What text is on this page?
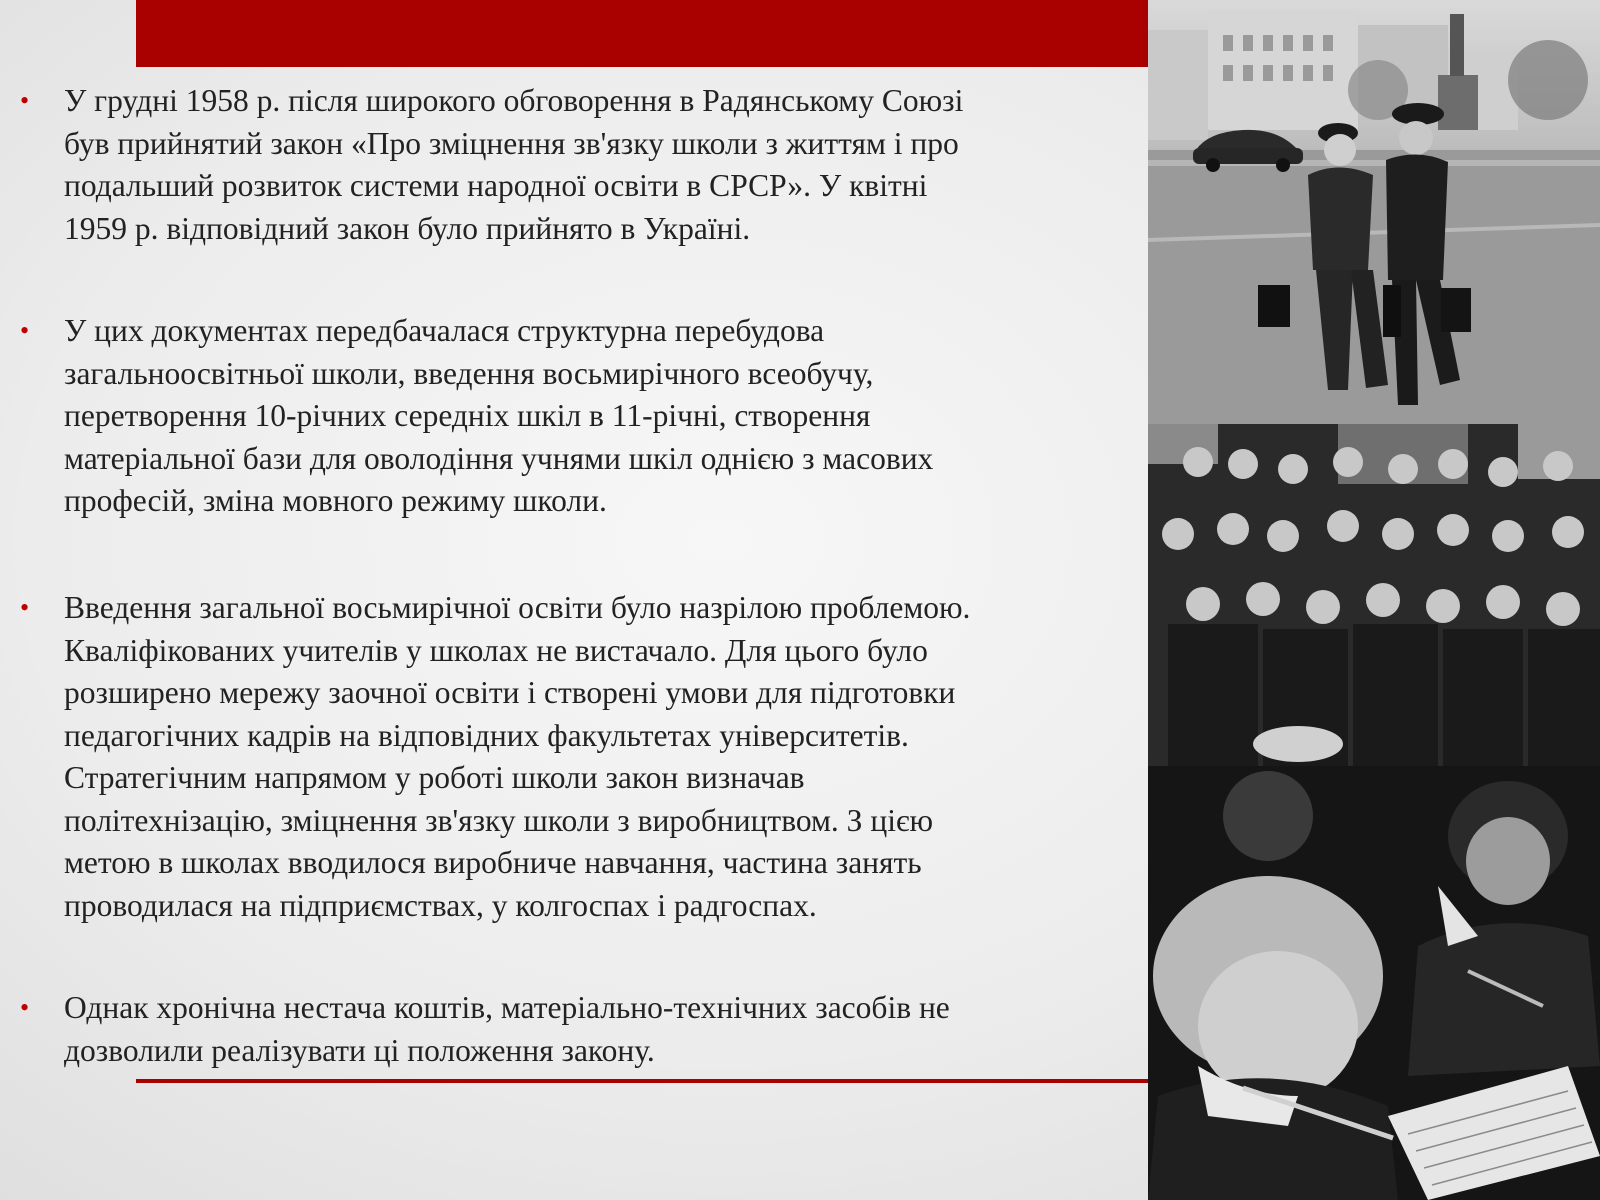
•	У грудні 1958 р. після широкого обговорення в Радянському Союзі
був прийнятий закон «Про зміцнення зв'язку школи з життям і про
подальший розвиток системи народної освіти в СРСР». У квітні
1959 р. відповідний закон було прийнято в Україні.
•	У цих документах передбачалася структурна перебудова
загальноосвітньої школи, введення восьмирічного всеобучу,
перетворення 10-річних середніх шкіл в 11-річні, створення
матеріальної бази для оволодіння учнями шкіл однією з масових
професій, зміна мовного режиму школи.
•	Введення загальної восьмирічної освіти було назрілою проблемою.
Кваліфікованих учителів у школах не вистачало. Для цього було
розширено мережу заочної освіти і створені умови для підготовки
педагогічних кадрів на відповідних факультетах університетів.
Стратегічним напрямом у роботі школи закон визначав
політехнізацію, зміцнення зв'язку школи з виробництвом. З цією
метою в школах вводилося виробниче навчання, частина занять
проводилася на підприємствах, у колгоспах і радгоспах.
•	Однак хронічна нестача коштів, матеріально-технічних засобів не
дозволили реалізувати ці положення закону.
